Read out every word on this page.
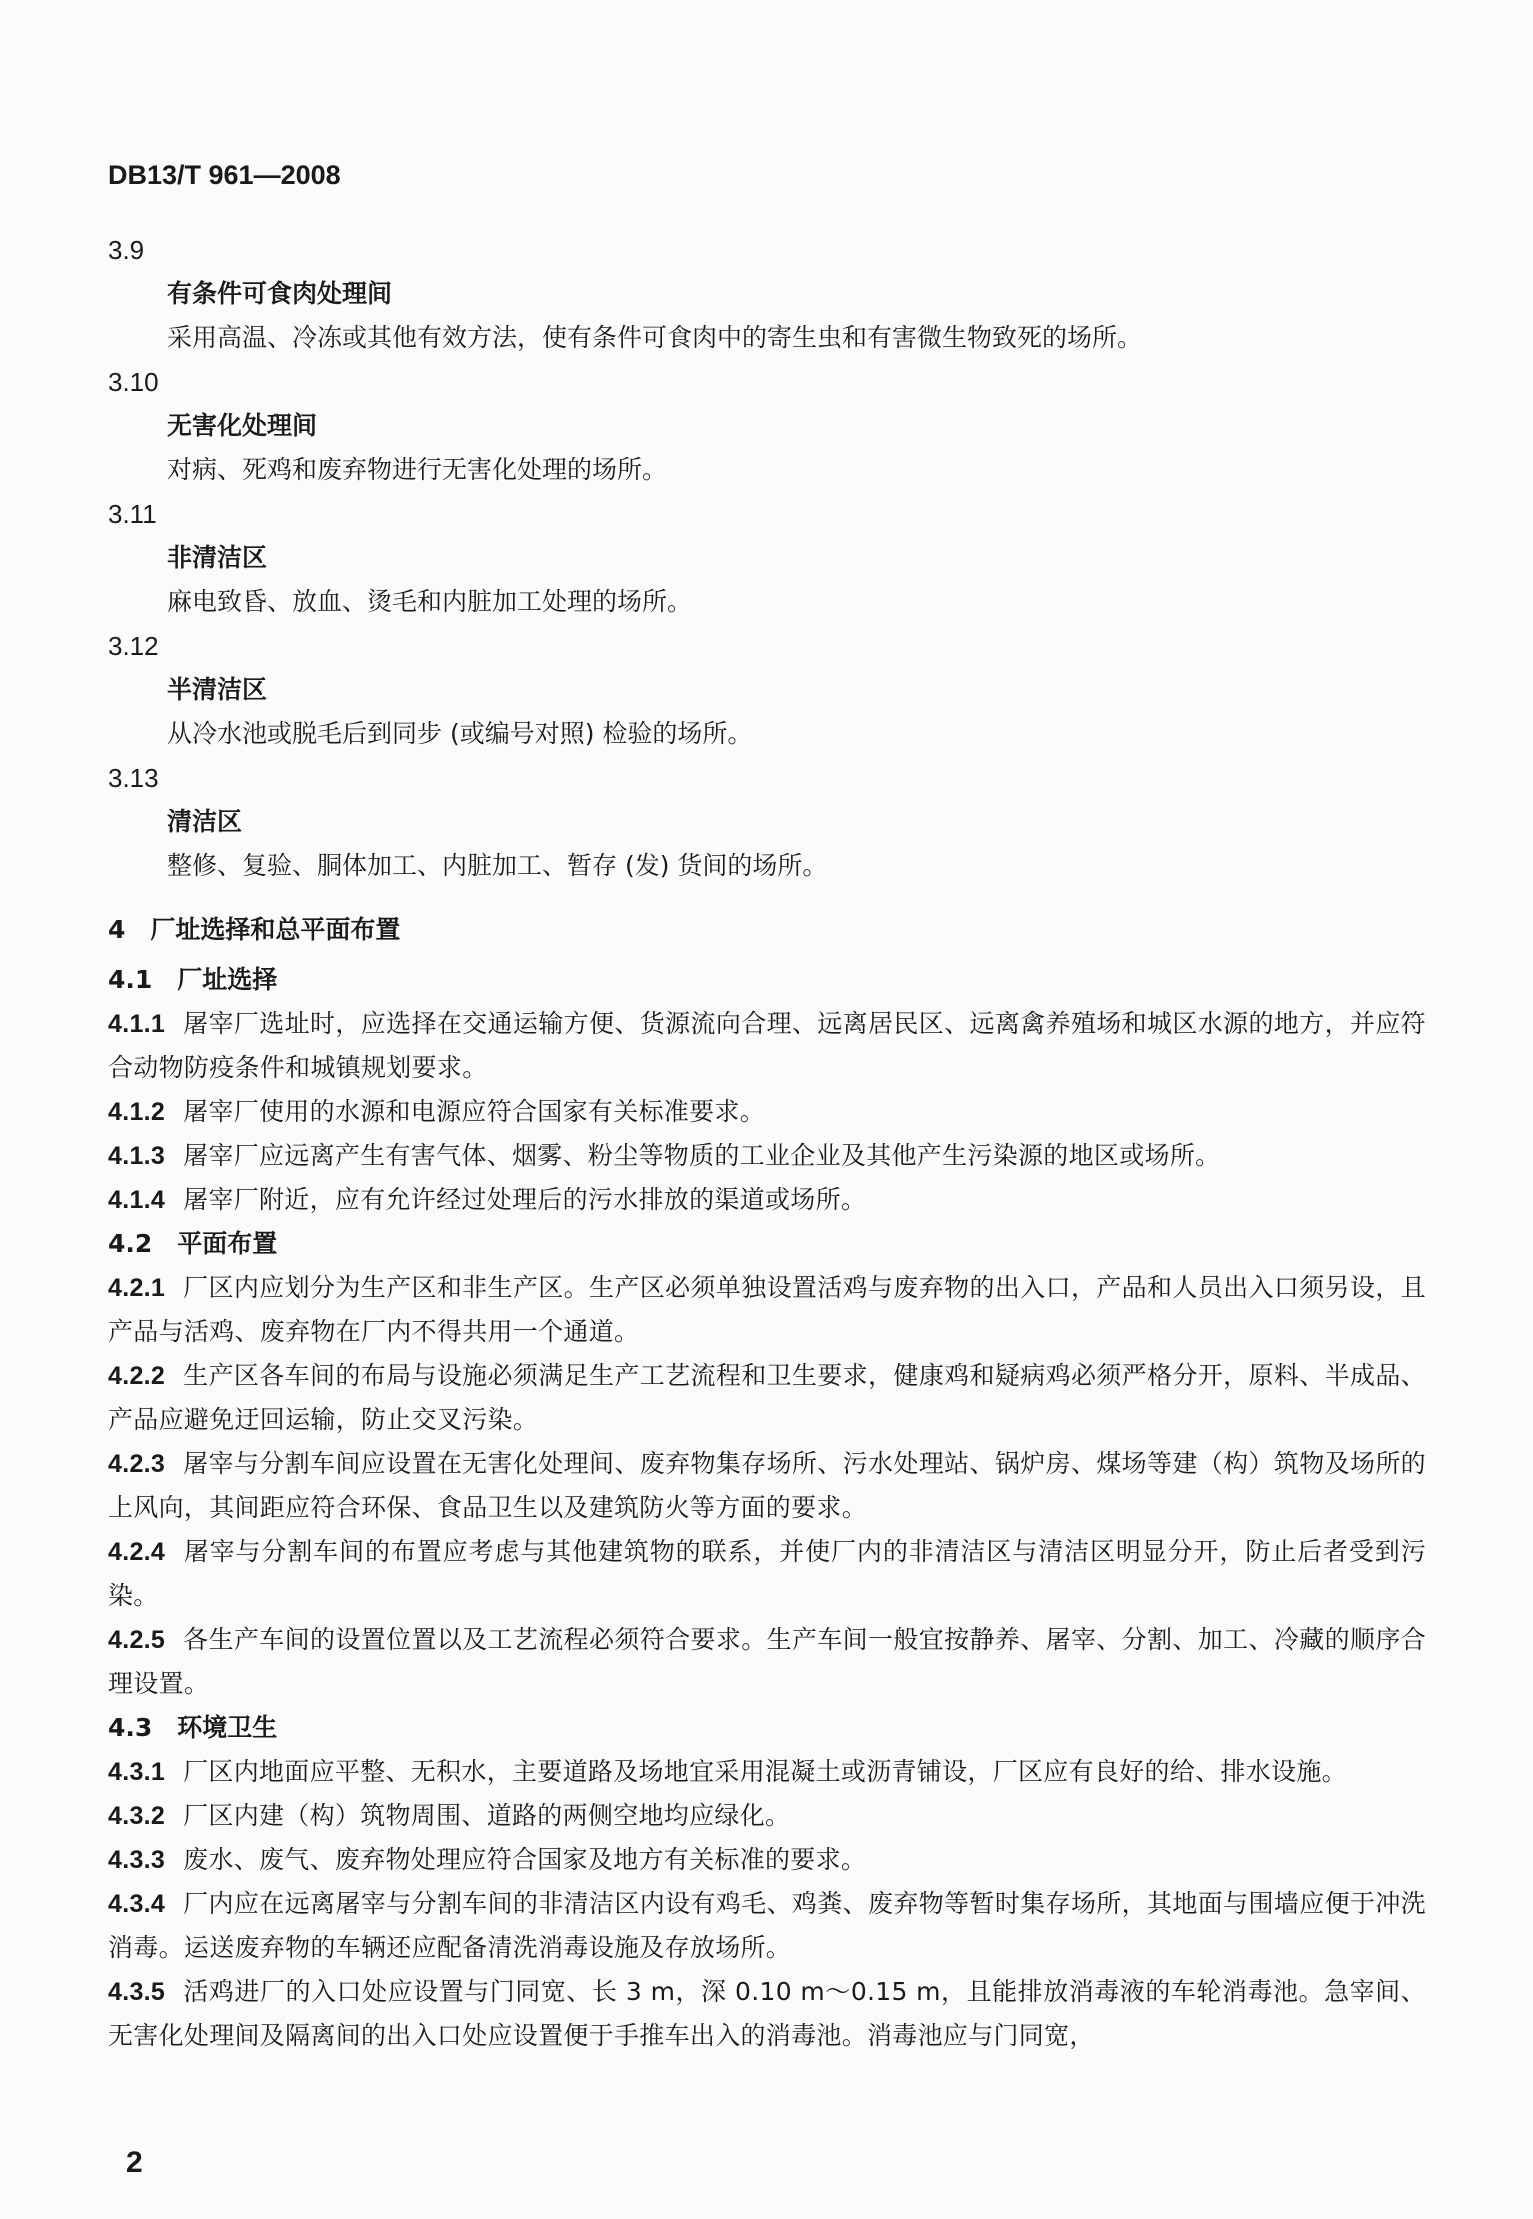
DB13/T 961—2008
3.9
有条件可食肉处理间
采用高温、冷冻或其他有效方法，使有条件可食肉中的寄生虫和有害微生物致死的场所。
3.10
无害化处理间
对病、死鸡和废弃物进行无害化处理的场所。
3.11
非清洁区
麻电致昏、放血、烫毛和内脏加工处理的场所。
3.12
半清洁区
从冷水池或脱毛后到同步 (或编号对照) 检验的场所。
3.13
清洁区
整修、复验、胴体加工、内脏加工、暂存 (发) 货间的场所。
4　厂址选择和总平面布置
4.1　厂址选择
4.1.1 屠宰厂选址时，应选择在交通运输方便、货源流向合理、远离居民区、远离禽养殖场和城区水源的地方，并应符合动物防疫条件和城镇规划要求。
4.1.2 屠宰厂使用的水源和电源应符合国家有关标准要求。
4.1.3 屠宰厂应远离产生有害气体、烟雾、粉尘等物质的工业企业及其他产生污染源的地区或场所。
4.1.4 屠宰厂附近，应有允许经过处理后的污水排放的渠道或场所。
4.2　平面布置
4.2.1 厂区内应划分为生产区和非生产区。生产区必须单独设置活鸡与废弃物的出入口，产品和人员出入口须另设，且产品与活鸡、废弃物在厂内不得共用一个通道。
4.2.2 生产区各车间的布局与设施必须满足生产工艺流程和卫生要求，健康鸡和疑病鸡必须严格分开，原料、半成品、产品应避免迂回运输，防止交叉污染。
4.2.3 屠宰与分割车间应设置在无害化处理间、废弃物集存场所、污水处理站、锅炉房、煤场等建（构）筑物及场所的上风向，其间距应符合环保、食品卫生以及建筑防火等方面的要求。
4.2.4 屠宰与分割车间的布置应考虑与其他建筑物的联系，并使厂内的非清洁区与清洁区明显分开，防止后者受到污染。
4.2.5 各生产车间的设置位置以及工艺流程必须符合要求。生产车间一般宜按静养、屠宰、分割、加工、冷藏的顺序合理设置。
4.3　环境卫生
4.3.1 厂区内地面应平整、无积水，主要道路及场地宜采用混凝土或沥青铺设，厂区应有良好的给、排水设施。
4.3.2 厂区内建（构）筑物周围、道路的两侧空地均应绿化。
4.3.3 废水、废气、废弃物处理应符合国家及地方有关标准的要求。
4.3.4 厂内应在远离屠宰与分割车间的非清洁区内设有鸡毛、鸡粪、废弃物等暂时集存场所，其地面与围墙应便于冲洗消毒。运送废弃物的车辆还应配备清洗消毒设施及存放场所。
4.3.5 活鸡进厂的入口处应设置与门同宽、长 3 m，深 0.10 m～0.15 m，且能排放消毒液的车轮消毒池。急宰间、无害化处理间及隔离间的出入口处应设置便于手推车出入的消毒池。消毒池应与门同宽，
2
